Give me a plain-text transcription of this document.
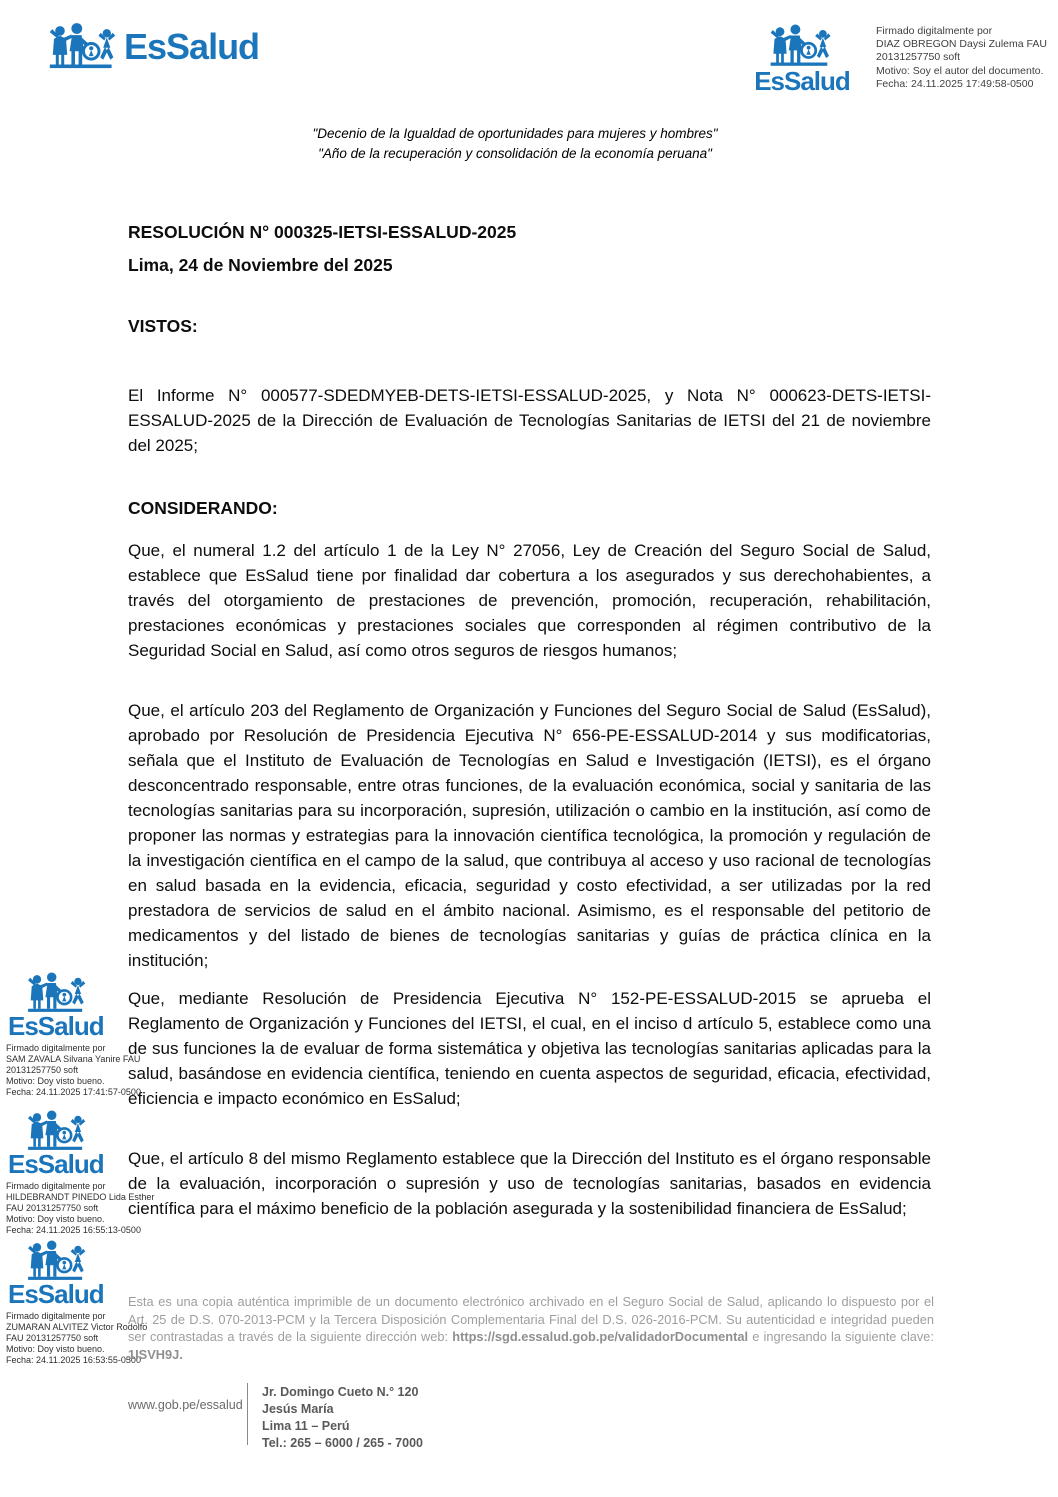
EsSalud
EsSalud
Firmado digitalmente por
DIAZ OBREGON Daysi Zulema FAU
20131257750 soft
Motivo: Soy el autor del documento.
Fecha: 24.11.2025 17:49:58-0500
"Decenio de la Igualdad de oportunidades para mujeres y hombres"
"Año de la recuperación y consolidación de la economía peruana"

RESOLUCIÓN N° 000325-IETSI-ESSALUD-2025

Lima, 24 de Noviembre del 2025

VISTOS:

El Informe N° 000577-SDEDMYEB-DETS-IETSI-ESSALUD-2025, y Nota N° 000623-DETS-IETSI-ESSALUD-2025 de la Dirección de Evaluación de Tecnologías Sanitarias de IETSI del 21 de noviembre del 2025;

CONSIDERANDO:

Que, el numeral 1.2 del artículo 1 de la Ley N° 27056, Ley de Creación del Seguro Social de Salud, establece que EsSalud tiene por finalidad dar cobertura a los asegurados y sus derechohabientes, a través del otorgamiento de prestaciones de prevención, promoción, recuperación, rehabilitación, prestaciones económicas y prestaciones sociales que corresponden al régimen contributivo de la Seguridad Social en Salud, así como otros seguros de riesgos humanos;

Que, el artículo 203 del Reglamento de Organización y Funciones del Seguro Social de Salud (EsSalud), aprobado por Resolución de Presidencia Ejecutiva N° 656-PE-ESSALUD-2014 y sus modificatorias, señala que el Instituto de Evaluación de Tecnologías en Salud e Investigación (IETSI), es el órgano desconcentrado responsable, entre otras funciones, de la evaluación económica, social y sanitaria de las tecnologías sanitarias para su incorporación, supresión, utilización o cambio en la institución, así como de proponer las normas y estrategias para la innovación científica tecnológica, la promoción y regulación de la investigación científica en el campo de la salud, que contribuya al acceso y uso racional de tecnologías en salud basada en la evidencia, eficacia, seguridad y costo efectividad, a ser utilizadas por la red prestadora de servicios de salud en el ámbito nacional. Asimismo, es el responsable del petitorio de medicamentos y del listado de bienes de tecnologías sanitarias y guías de práctica clínica en la institución;

Que, mediante Resolución de Presidencia Ejecutiva N° 152-PE-ESSALUD-2015 se aprueba el Reglamento de Organización y Funciones del IETSI, el cual, en el inciso d artículo 5, establece como una de sus funciones la de evaluar de forma sistemática y objetiva las tecnologías sanitarias aplicadas para la salud, basándose en evidencia científica, teniendo en cuenta aspectos de seguridad, eficacia, efectividad, eficiencia e impacto económico en EsSalud;

Que, el artículo 8 del mismo Reglamento establece que la Dirección del Instituto es el órgano responsable de la evaluación, incorporación o supresión y uso de tecnologías sanitarias, basados en evidencia científica para el máximo beneficio de la población asegurada y la sostenibilidad financiera de EsSalud;

EsSalud
Firmado digitalmente por
SAM ZAVALA Silvana Yanire FAU
20131257750 soft
Motivo: Doy visto bueno.
Fecha: 24.11.2025 17:41:57-0500
EsSalud
Firmado digitalmente por
HILDEBRANDT PINEDO Lida Esther
FAU 20131257750 soft
Motivo: Doy visto bueno.
Fecha: 24.11.2025 16:55:13-0500
EsSalud
Firmado digitalmente por
ZUMARAN ALVITEZ Victor Rodolfo
FAU 20131257750 soft
Motivo: Doy visto bueno.
Fecha: 24.11.2025 16:53:55-0500

Esta es una copia auténtica imprimible de un documento electrónico archivado en el Seguro Social de Salud, aplicando lo dispuesto por el Art. 25 de D.S. 070-2013-PCM y la Tercera Disposición Complementaria Final del D.S. 026-2016-PCM. Su autenticidad e integridad pueden ser contrastadas a través de la siguiente dirección web: https://sgd.essalud.gob.pe/validadorDocumental e ingresando la siguiente clave: 1ISVH9J.

www.gob.pe/essalud
Jr. Domingo Cueto N.° 120
Jesús María
Lima 11 – Perú
Tel.: 265 – 6000 / 265 - 7000
